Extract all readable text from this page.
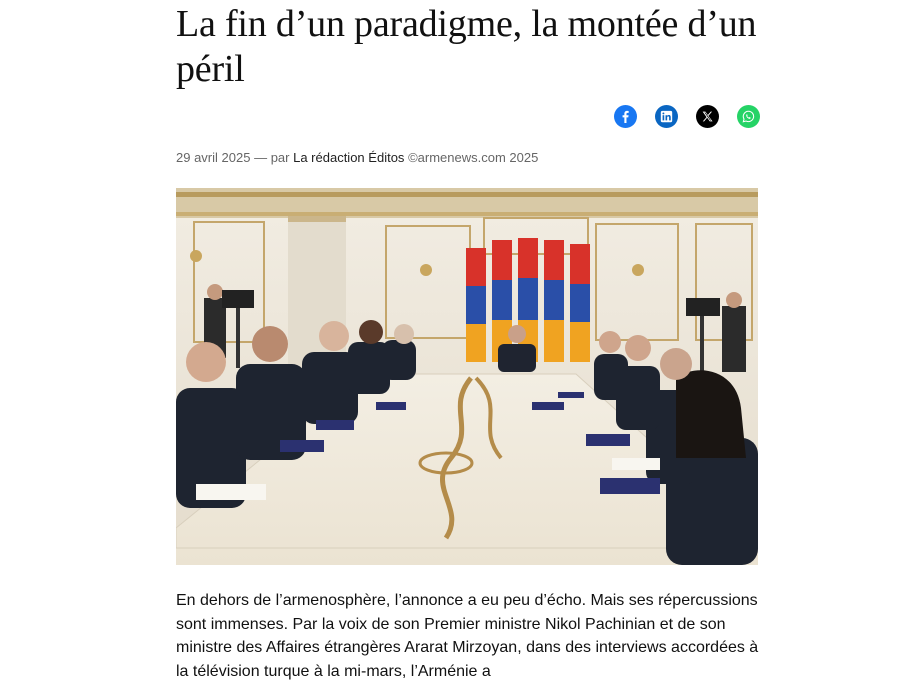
La fin d’un paradigme, la montée d’un péril
29 avril 2025 — par La rédaction Éditos ©armenews.com 2025

En dehors de l’armenosphère, l’annonce a eu peu d’écho. Mais ses répercussions sont immenses. Par la voix de son Premier ministre Nikol Pachinian et de son ministre des Affaires étrangères Ararat Mirzoyan, dans des interviews accordées à la télévision turque à la mi-mars, l’Arménie a
